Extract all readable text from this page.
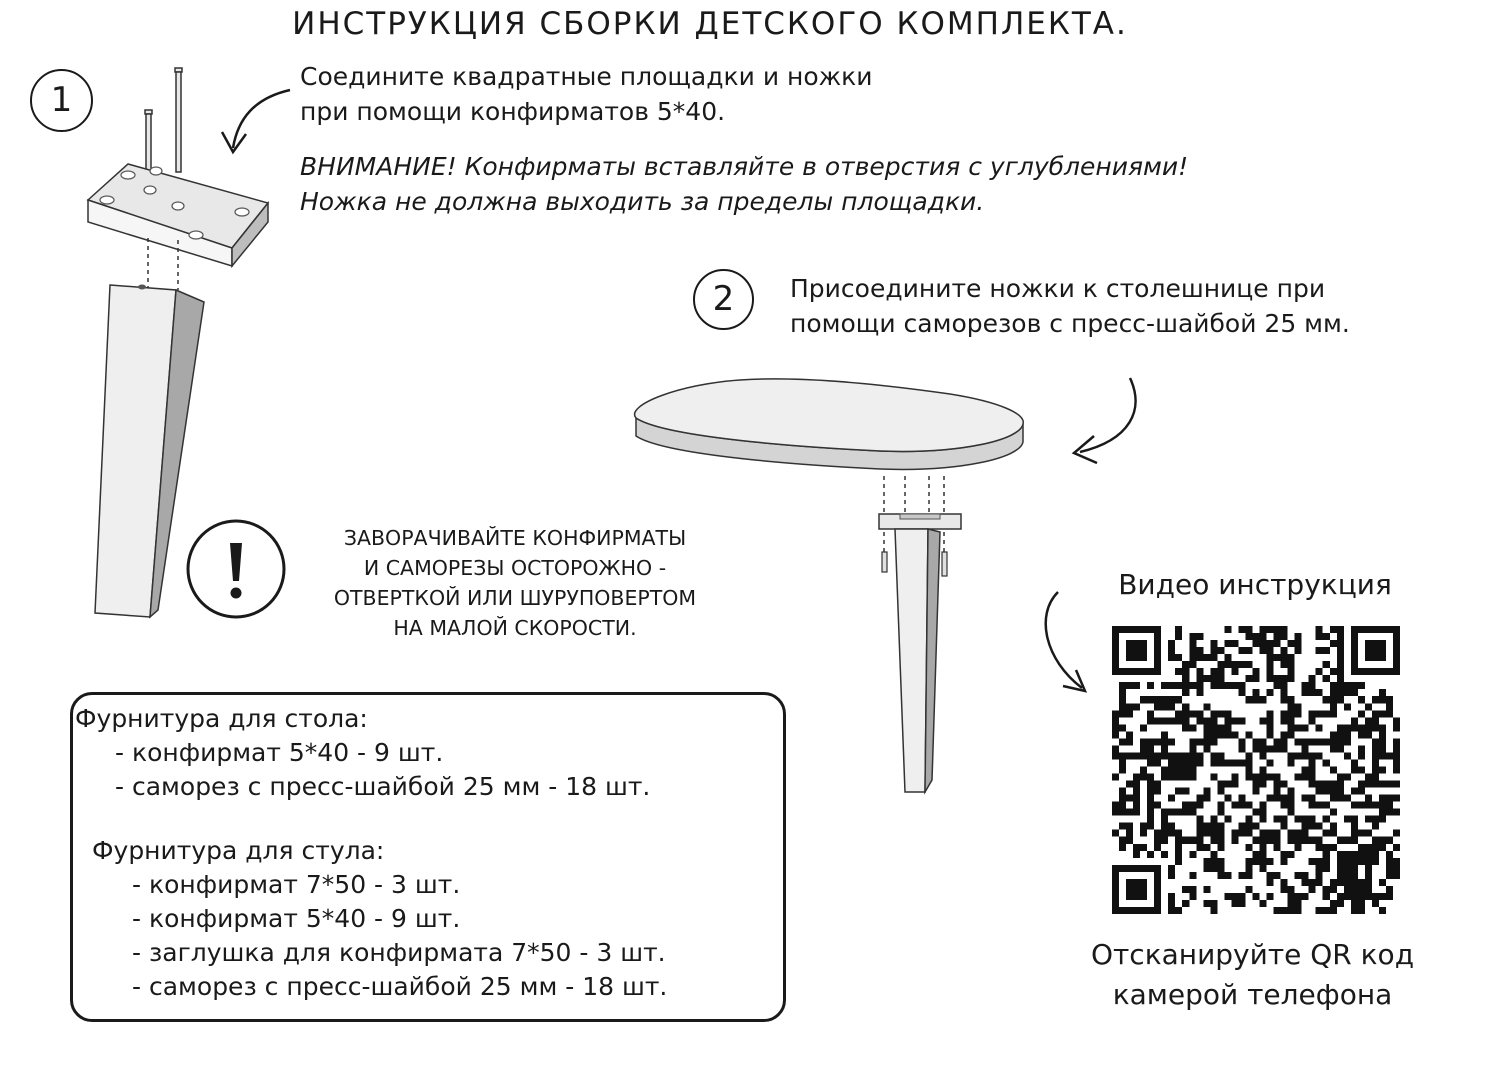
ИНСТРУКЦИЯ СБОРКИ ДЕТСКОГО КОМПЛЕКТА.
1
Соедините квадратные площадки и ножки
при помощи конфирматов 5*40.
ВНИМАНИЕ! Конфирматы вставляйте в отверстия с углублениями!
Ножка не должна выходить за пределы площадки.
ЗАВОРАЧИВАЙТЕ КОНФИРМАТЫ
И САМОРЕЗЫ ОСТОРОЖНО -
ОТВЕРТКОЙ ИЛИ ШУРУПОВЕРТОМ
НА МАЛОЙ СКОРОСТИ.
2	Присоедините ножки к столешнице при
помощи саморезов с пресс-шайбой 25 мм.
Фурнитура для стола:
- конфирмат 5*40 - 9 шт.
- саморез с пресс-шайбой 25 мм - 18 шт.
Фурнитура для стула:
- конфирмат 7*50 - 3 шт.
- конфирмат 5*40 - 9 шт.
- заглушка для конфирмата 7*50 - 3 шт.
- саморез с пресс-шайбой 25 мм - 18 шт.
Видео инструкция
Отсканируйте QR код
камерой телефона
